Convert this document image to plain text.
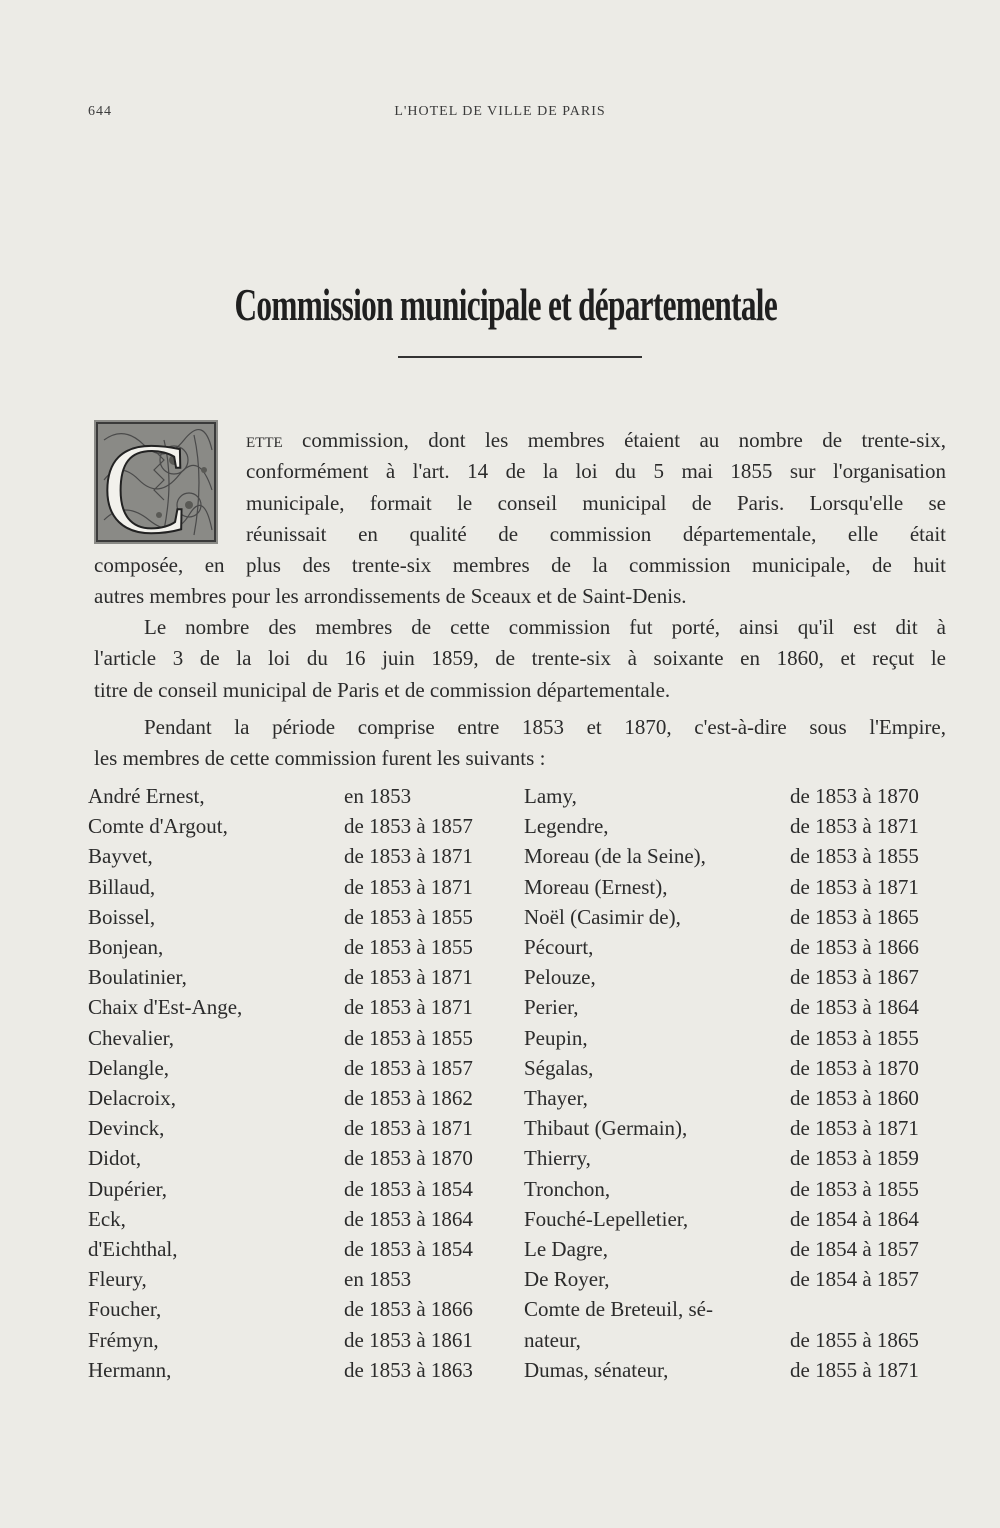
644	L'HOTEL DE VILLE DE PARIS
Commission municipale et départementale
C	ette commission, dont les membres étaient au nombre de trente-six,
conformément à l'art. 14 de la loi du 5 mai 1855 sur l'organisation
municipale, formait le conseil municipal de Paris. Lorsqu'elle se
réunissait en qualité de commission départementale, elle était
composée, en plus des trente-six membres de la commission municipale, de huit
autres membres pour les arrondissements de Sceaux et de Saint-Denis.
Le nombre des membres de cette commission fut porté, ainsi qu'il est dit à
l'article 3 de la loi du 16 juin 1859, de trente-six à soixante en 1860, et reçut le
titre de conseil municipal de Paris et de commission départementale.
Pendant la période comprise entre 1853 et 1870, c'est-à-dire sous l'Empire,
les membres de cette commission furent les suivants :
André Ernest,	en 1853	Lamy,	de 1853 à 1870
Comte d'Argout,	de 1853 à 1857 Legendre,	de 1853 à 1871
Bayvet,	de 1853 à 1871 Moreau (de la Seine),	de 1853 à 1855
Billaud,	de 1853 à 1871 Moreau (Ernest),	de 1853 à 1871
Boissel,	de 1853 à 1855 Noël (Casimir de),	de 1853 à 1865
Bonjean,	de 1853 à 1855 Pécourt,	de 1853 à 1866
Boulatinier,	de 1853 à 1871 Pelouze,	de 1853 à 1867
Chaix d'Est-Ange,	de 1853 à 1871 Perier,	de 1853 à 1864
Chevalier,	de 1853 à 1855 Peupin,	de 1853 à 1855
Delangle,	de 1853 à 1857 Ségalas,	de 1853 à 1870
Delacroix,	de 1853 à 1862 Thayer,	de 1853 à 1860
Devinck,	de 1853 à 1871 Thibaut (Germain),	de 1853 à 1871
Didot,	de 1853 à 1870 Thierry,	de 1853 à 1859
Dupérier,	de 1853 à 1854 Tronchon,	de 1853 à 1855
Eck,	de 1853 à 1864 Fouché-Lepelletier,	de 1854 à 1864
d'Eichthal,	de 1853 à 1854 Le Dagre,	de 1854 à 1857
Fleury,	en 1853	De Royer,	de 1854 à 1857
Foucher,	de 1853 à 1866 Comte de Breteuil, sé-
Frémyn,	de 1853 à 1861 nateur,	de 1855 à 1865
Hermann,	de 1853 à 1863 Dumas, sénateur,	de 1855 à 1871
